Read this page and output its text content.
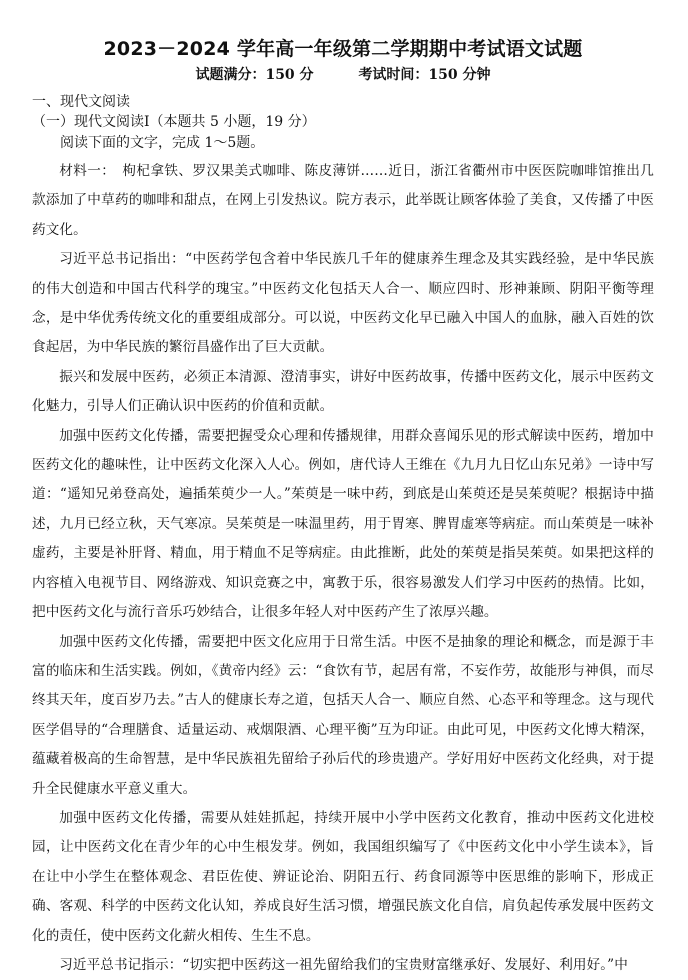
2023－2024 学年高一年级第二学期期中考试语文试题
试题满分：150 分	考试时间：150 分钟
一、现代文阅读
（一）现代文阅读Ⅰ（本题共 5 小题，19 分）

阅读下面的文字，完成 1～5题。

材料一：　枸杞拿铁、罗汉果美式咖啡、陈皮薄饼……近日，浙江省衢州市中医医院咖啡馆推出几款添加了中草药的咖啡和甜点，在网上引发热议。院方表示，此举既让顾客体验了美食，又传播了中医药文化。

习近平总书记指出：“中医药学包含着中华民族几千年的健康养生理念及其实践经验，是中华民族的伟大创造和中国古代科学的瑰宝。”中医药文化包括天人合一、顺应四时、形神兼顾、阴阳平衡等理念，是中华优秀传统文化的重要组成部分。可以说，中医药文化早已融入中国人的血脉，融入百姓的饮食起居，为中华民族的繁衍昌盛作出了巨大贡献。

振兴和发展中医药，必须正本清源、澄清事实，讲好中医药故事，传播中医药文化，展示中医药文化魅力，引导人们正确认识中医药的价值和贡献。

加强中医药文化传播，需要把握受众心理和传播规律，用群众喜闻乐见的形式解读中医药，增加中医药文化的趣味性，让中医药文化深入人心。例如，唐代诗人王维在《九月九日忆山东兄弟》一诗中写道：“遥知兄弟登高处，遍插茱萸少一人。”茱萸是一味中药，到底是山茱萸还是吴茱萸呢？根据诗中描述，九月已经立秋，天气寒凉。吴茱萸是一味温里药，用于胃寒、脾胃虚寒等病症。而山茱萸是一味补虚药，主要是补肝肾、精血，用于精血不足等病症。由此推断，此处的茱萸是指吴茱萸。如果把这样的内容植入电视节目、网络游戏、知识竞赛之中，寓教于乐，很容易激发人们学习中医药的热情。比如，把中医药文化与流行音乐巧妙结合，让很多年轻人对中医药产生了浓厚兴趣。

加强中医药文化传播，需要把中医文化应用于日常生活。中医不是抽象的理论和概念，而是源于丰富的临床和生活实践。例如，《黄帝内经》云：“食饮有节，起居有常，不妄作劳，故能形与神俱，而尽终其天年，度百岁乃去。”古人的健康长寿之道，包括天人合一、顺应自然、心态平和等理念。这与现代医学倡导的“合理膳食、适量运动、戒烟限酒、心理平衡”互为印证。由此可见，中医药文化博大精深，蕴藏着极高的生命智慧，是中华民族祖先留给子孙后代的珍贵遗产。学好用好中医药文化经典，对于提升全民健康水平意义重大。

加强中医药文化传播，需要从娃娃抓起，持续开展中小学中医药文化教育，推动中医药文化进校园，让中医药文化在青少年的心中生根发芽。例如，我国组织编写了《中医药文化中小学生读本》，旨在让中小学生在整体观念、君臣佐使、辨证论治、阴阳五行、药食同源等中医思维的影响下，形成正确、客观、科学的中医药文化认知，养成良好生活习惯，增强民族文化自信，肩负起传承发展中医药文化的责任，使中医药文化薪火相传、生生不息。

习近平总书记指示：“切实把中医药这一祖先留给我们的宝贵财富继承好、发展好、利用好。”中
